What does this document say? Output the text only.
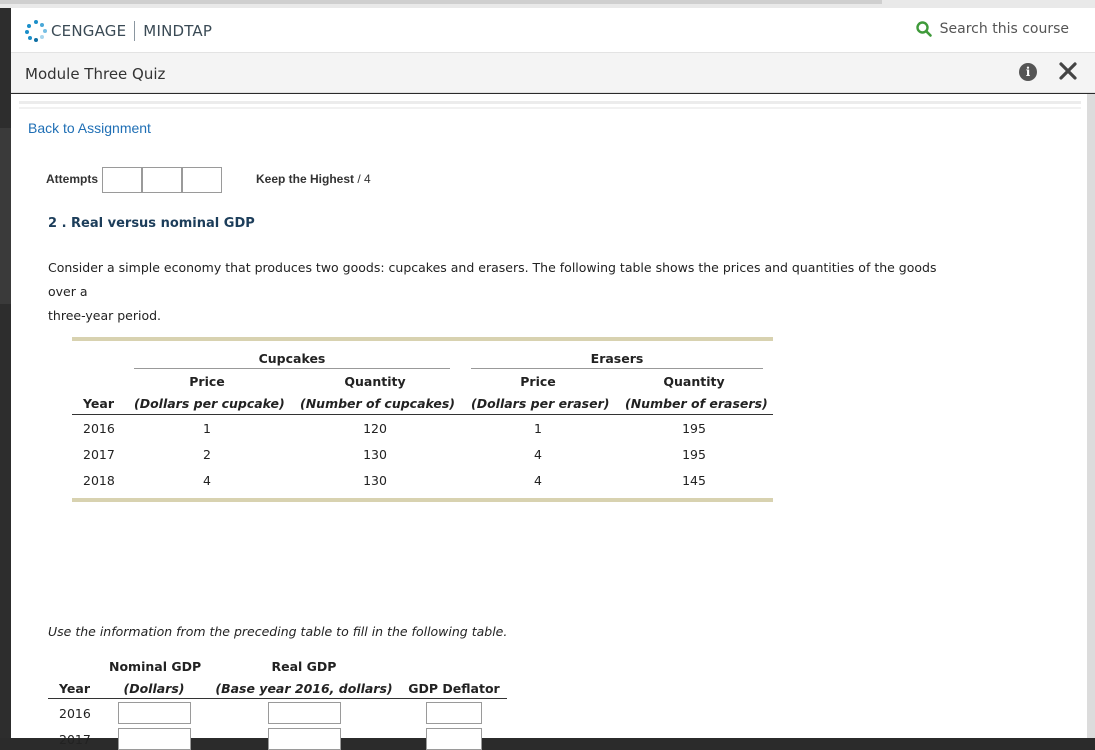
CENGAGE MINDTAP	Search this course
Module Three Quiz	i
Back to Assignment
Attempts	Keep the Highest / 4
2 . Real versus nominal GDP
Consider a simple economy that produces two goods: cupcakes and erasers. The following table shows the prices and quantities of the goods over a
three-year period.
Cupcakes	Erasers
Price	Quantity	Price	Quantity
Year (Dollars per cupcake) (Number of cupcakes) (Dollars per eraser) (Number of erasers)
2016	1	120	1	195
2017	2	130	4	195
2018	4	130	4	145
Use the information from the preceding table to fill in the following table.
Nominal GDP	Real GDP
Year	(Dollars)	(Base year 2016, dollars) GDP Deflator
2016
2017
